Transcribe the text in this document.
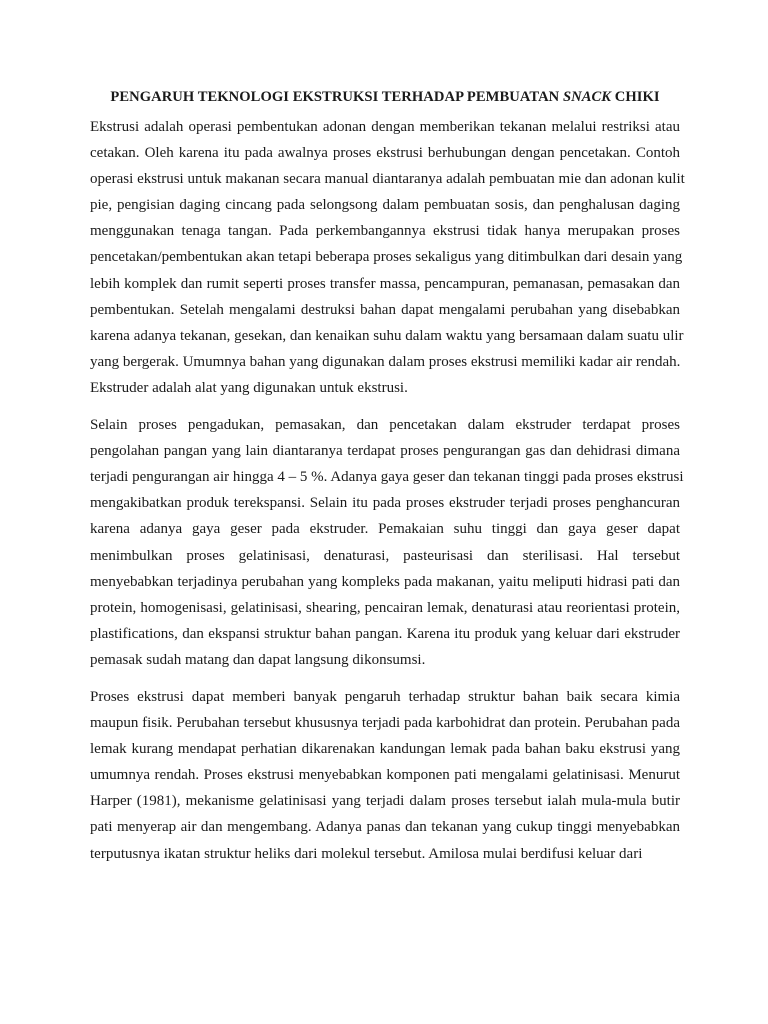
PENGARUH TEKNOLOGI EKSTRUKSI TERHADAP PEMBUATAN SNACK CHIKI
Ekstrusi adalah operasi pembentukan adonan dengan memberikan tekanan melalui restriksi atau
cetakan. Oleh karena itu pada awalnya proses ekstrusi berhubungan dengan pencetakan. Contoh
operasi ekstrusi untuk makanan secara manual diantaranya adalah pembuatan mie dan adonan kulit
pie, pengisian daging cincang pada selongsong dalam pembuatan sosis, dan penghalusan daging
menggunakan tenaga tangan. Pada perkembangannya ekstrusi tidak hanya merupakan proses
pencetakan/pembentukan akan tetapi beberapa proses sekaligus yang ditimbulkan dari desain yang
lebih komplek dan rumit seperti proses transfer massa, pencampuran, pemanasan, pemasakan dan
pembentukan. Setelah mengalami destruksi bahan dapat mengalami perubahan yang disebabkan
karena adanya tekanan, gesekan, dan kenaikan suhu dalam waktu yang bersamaan dalam suatu ulir
yang bergerak. Umumnya bahan yang digunakan dalam proses ekstrusi memiliki kadar air rendah.
Ekstruder adalah alat yang digunakan untuk ekstrusi.
Selain proses pengadukan, pemasakan, dan pencetakan dalam ekstruder terdapat proses
pengolahan pangan yang lain diantaranya terdapat proses pengurangan gas dan dehidrasi dimana
terjadi pengurangan air hingga 4 – 5 %. Adanya gaya geser dan tekanan tinggi pada proses ekstrusi
mengakibatkan produk terekspansi. Selain itu pada proses ekstruder terjadi proses penghancuran
karena adanya gaya geser pada ekstruder. Pemakaian suhu tinggi dan gaya geser dapat
menimbulkan proses gelatinisasi, denaturasi, pasteurisasi dan sterilisasi. Hal tersebut
menyebabkan terjadinya perubahan yang kompleks pada makanan, yaitu meliputi hidrasi pati dan
protein, homogenisasi, gelatinisasi, shearing, pencairan lemak, denaturasi atau reorientasi protein,
plastifications, dan ekspansi struktur bahan pangan. Karena itu produk yang keluar dari ekstruder
pemasak sudah matang dan dapat langsung dikonsumsi.
Proses ekstrusi dapat memberi banyak pengaruh terhadap struktur bahan baik secara kimia
maupun fisik. Perubahan tersebut khususnya terjadi pada karbohidrat dan protein. Perubahan pada
lemak kurang mendapat perhatian dikarenakan kandungan lemak pada bahan baku ekstrusi yang
umumnya rendah. Proses ekstrusi menyebabkan komponen pati mengalami gelatinisasi. Menurut
Harper (1981), mekanisme gelatinisasi yang terjadi dalam proses tersebut ialah mula-mula butir
pati menyerap air dan mengembang. Adanya panas dan tekanan yang cukup tinggi menyebabkan
terputusnya ikatan struktur heliks dari molekul tersebut. Amilosa mulai berdifusi keluar dari
